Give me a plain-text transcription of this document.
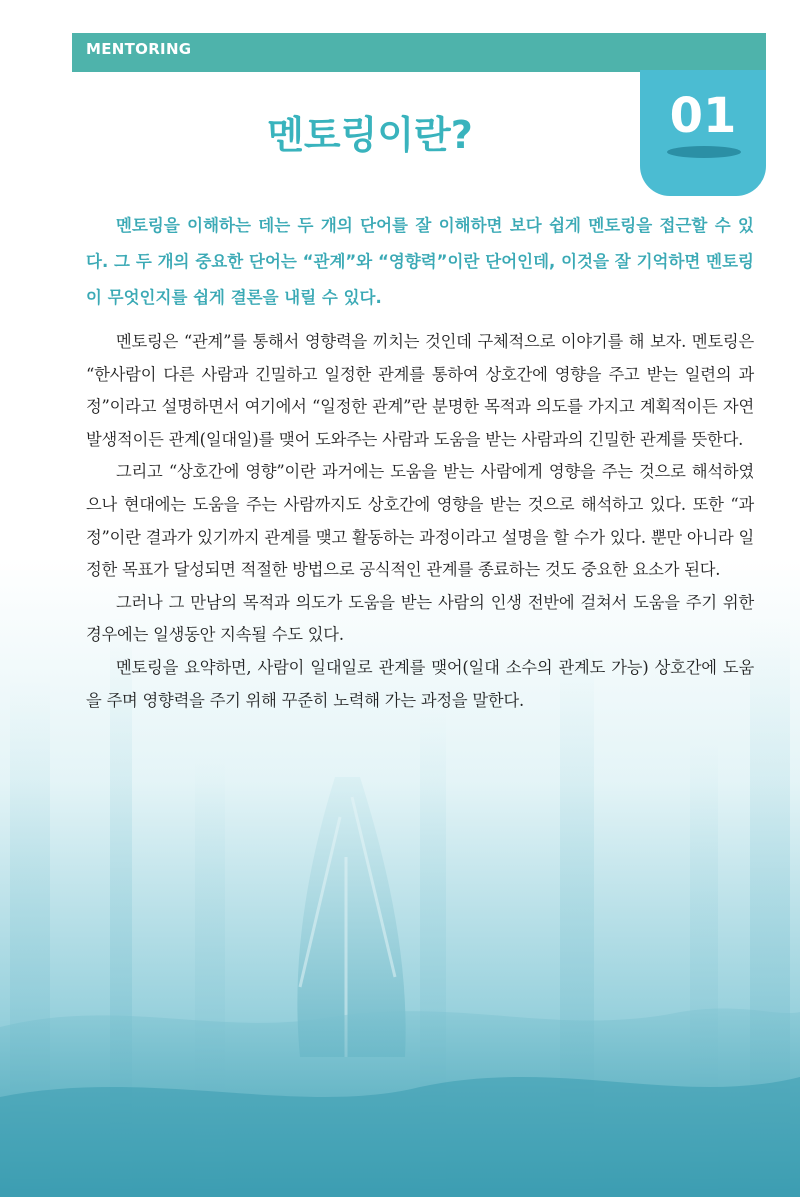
MENTORING
01
멘토링이란?

멘토링을 이해하는 데는 두 개의 단어를 잘 이해하면 보다 쉽게 멘토링을 접근할 수 있다. 그 두 개의 중요한 단어는 “관계”와 “영향력”이란 단어인데, 이것을 잘 기억하면 멘토링이 무엇인지를 쉽게 결론을 내릴 수 있다.

멘토링은 “관계”를 통해서 영향력을 끼치는 것인데 구체적으로 이야기를 해 보자. 멘토링은 “한사람이 다른 사람과 긴밀하고 일정한 관계를 통하여 상호간에 영향을 주고 받는 일련의 과정”이라고 설명하면서 여기에서 “일정한 관계”란 분명한 목적과 의도를 가지고 계획적이든 자연발생적이든 관계(일대일)를 맺어 도와주는 사람과 도움을 받는 사람과의 긴밀한 관계를 뜻한다.

그리고 “상호간에 영향”이란 과거에는 도움을 받는 사람에게 영향을 주는 것으로 해석하였으나 현대에는 도움을 주는 사람까지도 상호간에 영향을 받는 것으로 해석하고 있다. 또한 “과정”이란 결과가 있기까지 관계를 맺고 활동하는 과정이라고 설명을 할 수가 있다. 뿐만 아니라 일정한 목표가 달성되면 적절한 방법으로 공식적인 관계를 종료하는 것도 중요한 요소가 된다.

그러나 그 만남의 목적과 의도가 도움을 받는 사람의 인생 전반에 걸쳐서 도움을 주기 위한 경우에는 일생동안 지속될 수도 있다.

멘토링을 요약하면, 사람이 일대일로 관계를 맺어(일대 소수의 관계도 가능) 상호간에 도움을 주며 영향력을 주기 위해 꾸준히 노력해 가는 과정을 말한다.
